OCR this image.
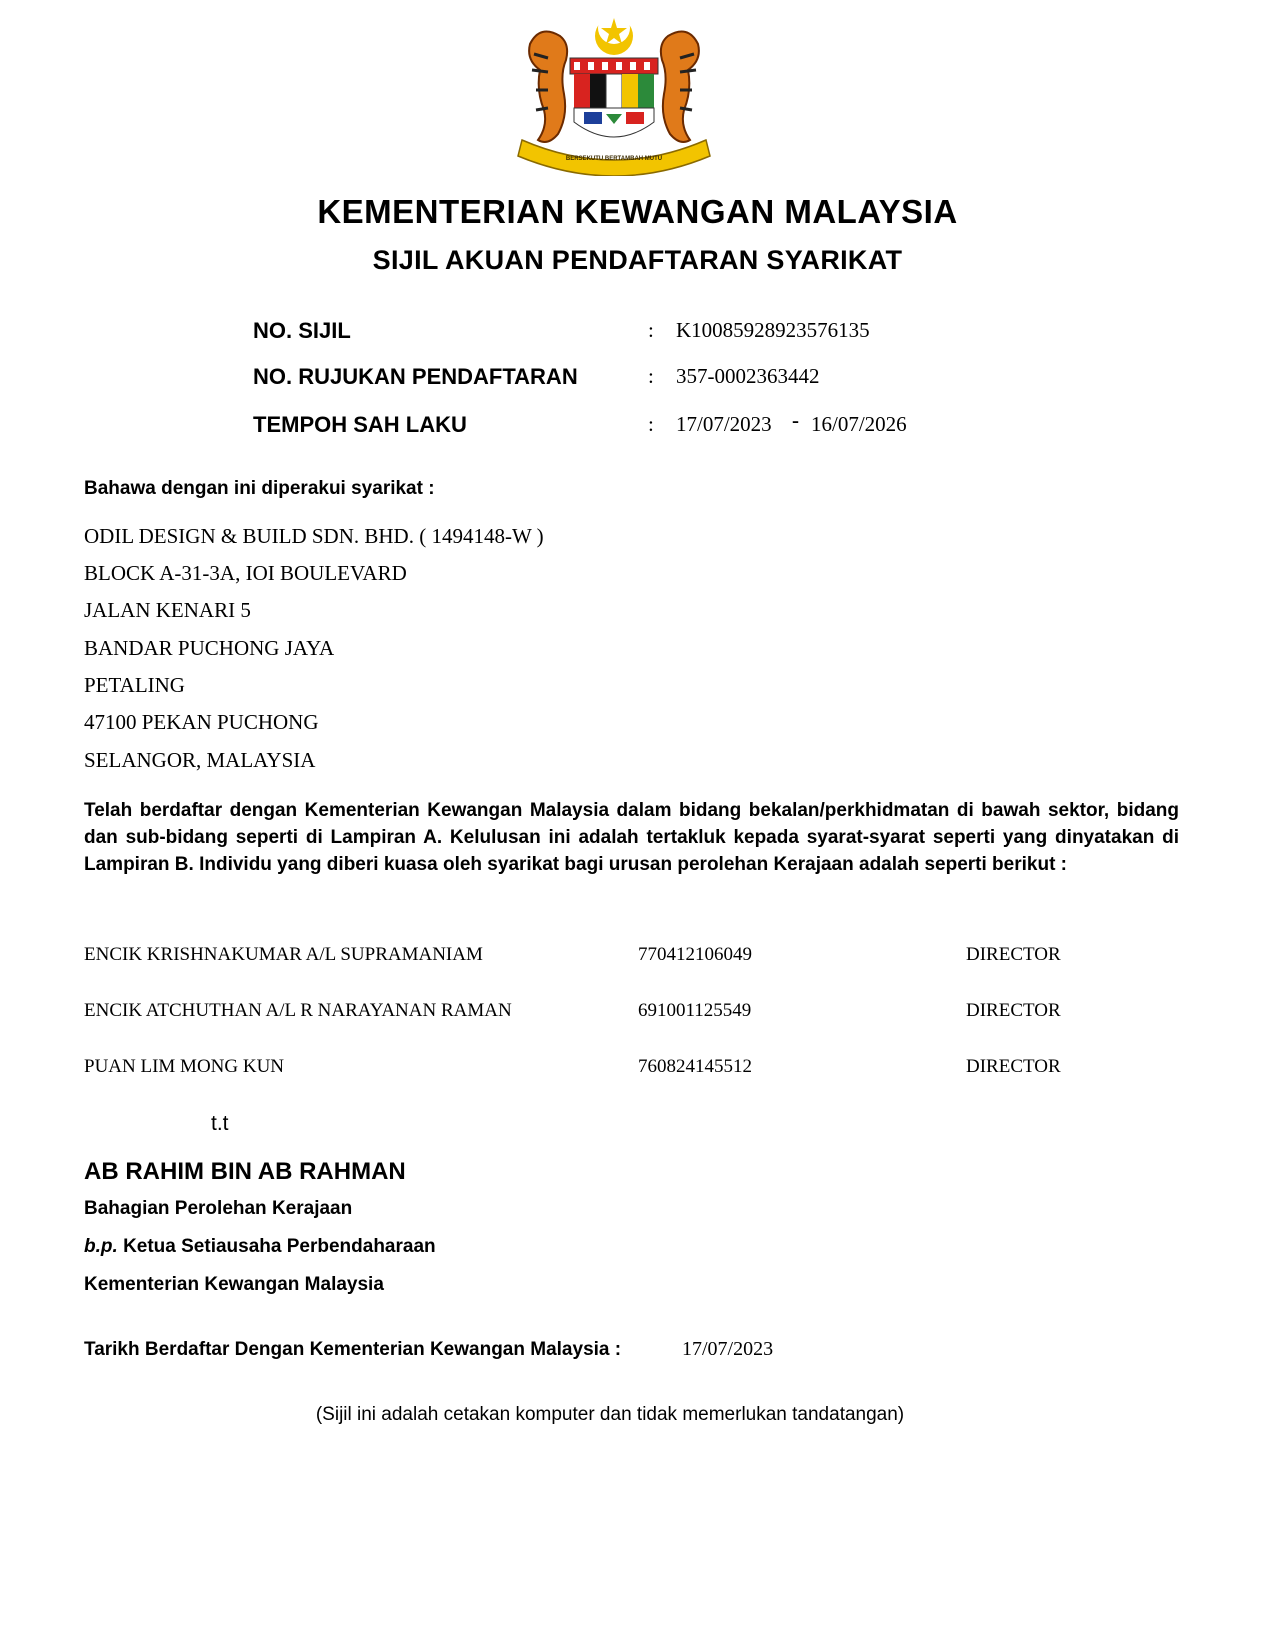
BERSEKUTU BERTAMBAH MUTU
KEMENTERIAN KEWANGAN MALAYSIA
SIJIL AKUAN PENDAFTARAN SYARIKAT
NO. SIJIL	: K10085928923576135
NO. RUJUKAN PENDAFTARAN	: 357-0002363442
TEMPOH SAH LAKU	: 17/07/2023 - 16/07/2026
Bahawa dengan ini diperakui syarikat :
ODIL DESIGN & BUILD SDN. BHD. ( 1494148-W )
BLOCK A-31-3A, IOI BOULEVARD
JALAN KENARI 5
BANDAR PUCHONG JAYA
PETALING
47100 PEKAN PUCHONG
SELANGOR, MALAYSIA
Telah berdaftar dengan Kementerian Kewangan Malaysia dalam bidang bekalan/perkhidmatan di bawah sektor, bidang dan sub-bidang seperti di Lampiran A. Kelulusan ini adalah tertakluk kepada syarat-syarat seperti yang dinyatakan di Lampiran B. Individu yang diberi kuasa oleh syarikat bagi urusan perolehan Kerajaan adalah seperti berikut :
ENCIK KRISHNAKUMAR A/L SUPRAMANIAM	770412106049	DIRECTOR
ENCIK ATCHUTHAN A/L R NARAYANAN RAMAN	691001125549	DIRECTOR
PUAN LIM MONG KUN	760824145512	DIRECTOR
t.t
AB RAHIM BIN AB RAHMAN
Bahagian Perolehan Kerajaan
b.p. Ketua Setiausaha Perbendaharaan
Kementerian Kewangan Malaysia
Tarikh Berdaftar Dengan Kementerian Kewangan Malaysia :	17/07/2023
(Sijil ini adalah cetakan komputer dan tidak memerlukan tandatangan)
